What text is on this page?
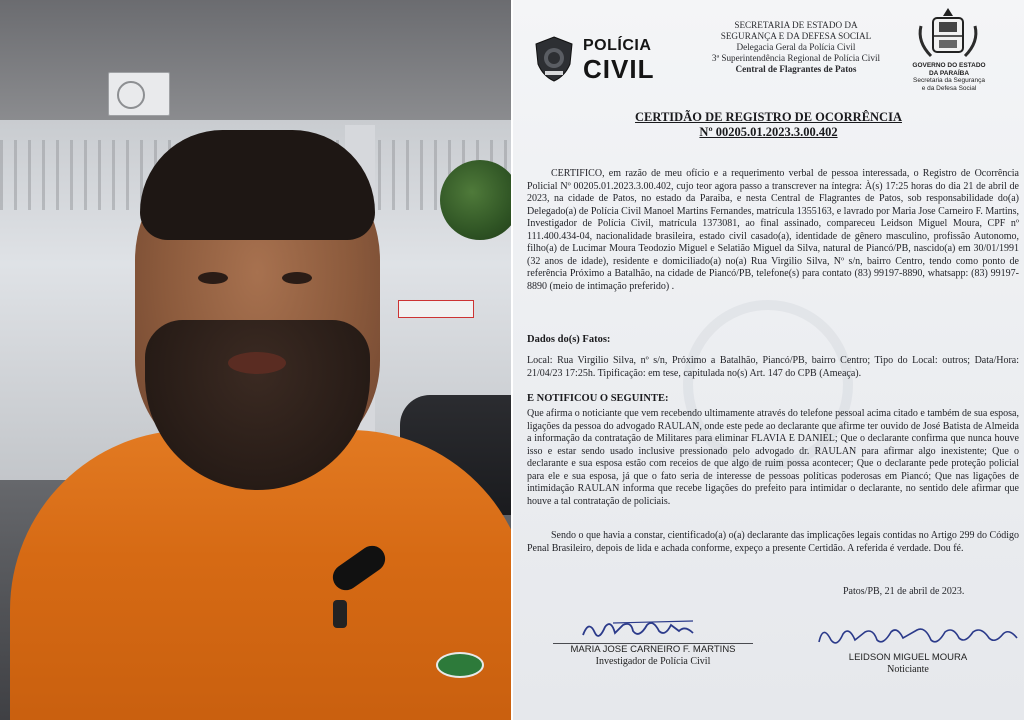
POLÍCIA
CIVIL
SECRETARIA DE ESTADO DA
SEGURANÇA E DA DEFESA SOCIAL
Delegacia Geral da Polícia Civil
3ª Superintendência Regional de Polícia Civil
Central de Flagrantes de Patos	GOVERNO DO ESTADO
DA PARAÍBA
Secretaria da Segurança
e da Defesa Social
CERTIDÃO DE REGISTRO DE OCORRÊNCIA
Nº 00205.01.2023.3.00.402
CERTIFICO, em razão de meu ofício e a requerimento verbal de pessoa interessada, o Registro de Ocorrência Policial Nº 00205.01.2023.3.00.402, cujo teor agora passo a transcrever na íntegra: À(s) 17:25 horas do dia 21 de abril de 2023, na cidade de Patos, no estado da Paraiba, e nesta Central de Flagrantes de Patos, sob responsabilidade do(a) Delegado(a) de Polícia Civil Manoel Martins Fernandes, matrícula 1355163, e lavrado por Maria Jose Carneiro F. Martins, Investigador de Polícia Civil, matrícula 1373081, ao final assinado, compareceu Leidson Miguel Moura, CPF nº 111.400.434-04, nacionalidade brasileira, estado civil casado(a), identidade de gênero masculino, profissão Autonomo, filho(a) de Lucimar Moura Teodozio Miguel e Selatião Miguel da Silva, natural de Piancó/PB, nascido(a) em 30/01/1991 (32 anos de idade), residente e domiciliado(a) no(a) Rua Virgilio Silva, Nº s/n, bairro Centro, tendo como ponto de referência Próximo a Batalhão, na cidade de Piancó/PB, telefone(s) para contato (83) 99197-8890, whatsapp: (83) 99197-8890 (meio de intimação preferido) .
Dados do(s) Fatos:
Local: Rua Virgilio Silva, nº s/n, Próximo a Batalhão, Piancó/PB, bairro Centro; Tipo do Local: outros; Data/Hora: 21/04/23 17:25h. Tipificação: em tese, capitulada no(s) Art. 147 do CPB (Ameaça).
E NOTIFICOU O SEGUINTE:
Que afirma o noticiante que vem recebendo ultimamente através do telefone pessoal acima citado e também de sua esposa, ligações da pessoa do advogado RAULAN, onde este pede ao declarante que afirme ter ouvido de José Batista de Almeida a informação da contratação de Militares para eliminar FLAVIA E DANIEL; Que o declarante confirma que nunca houve isso e estar sendo usado inclusive pressionado pelo advogado dr. RAULAN para afirmar algo inexistente; Que o declarante e sua esposa estão com receios de que algo de ruim possa acontecer; Que o declarante pede proteção policial para ele e sua esposa, já que o fato seria de interesse de pessoas políticas poderosas em Piancó; Que nas ligações de intimidação RAULAN informa que recebe ligações do prefeito para intimidar o declarante, no sentido dele afirmar que houve a tal contratação de policiais.
Sendo o que havia a constar, cientificado(a) o(a) declarante das implicações legais contidas no Artigo 299 do Código Penal Brasileiro, depois de lida e achada conforme, expeço a presente Certidão. A referida é verdade. Dou fé.
Patos/PB, 21 de abril de 2023.
MARIA JOSE CARNEIRO F. MARTINS
Investigador de Polícia Civil	LEIDSON MIGUEL MOURA
Noticiante
